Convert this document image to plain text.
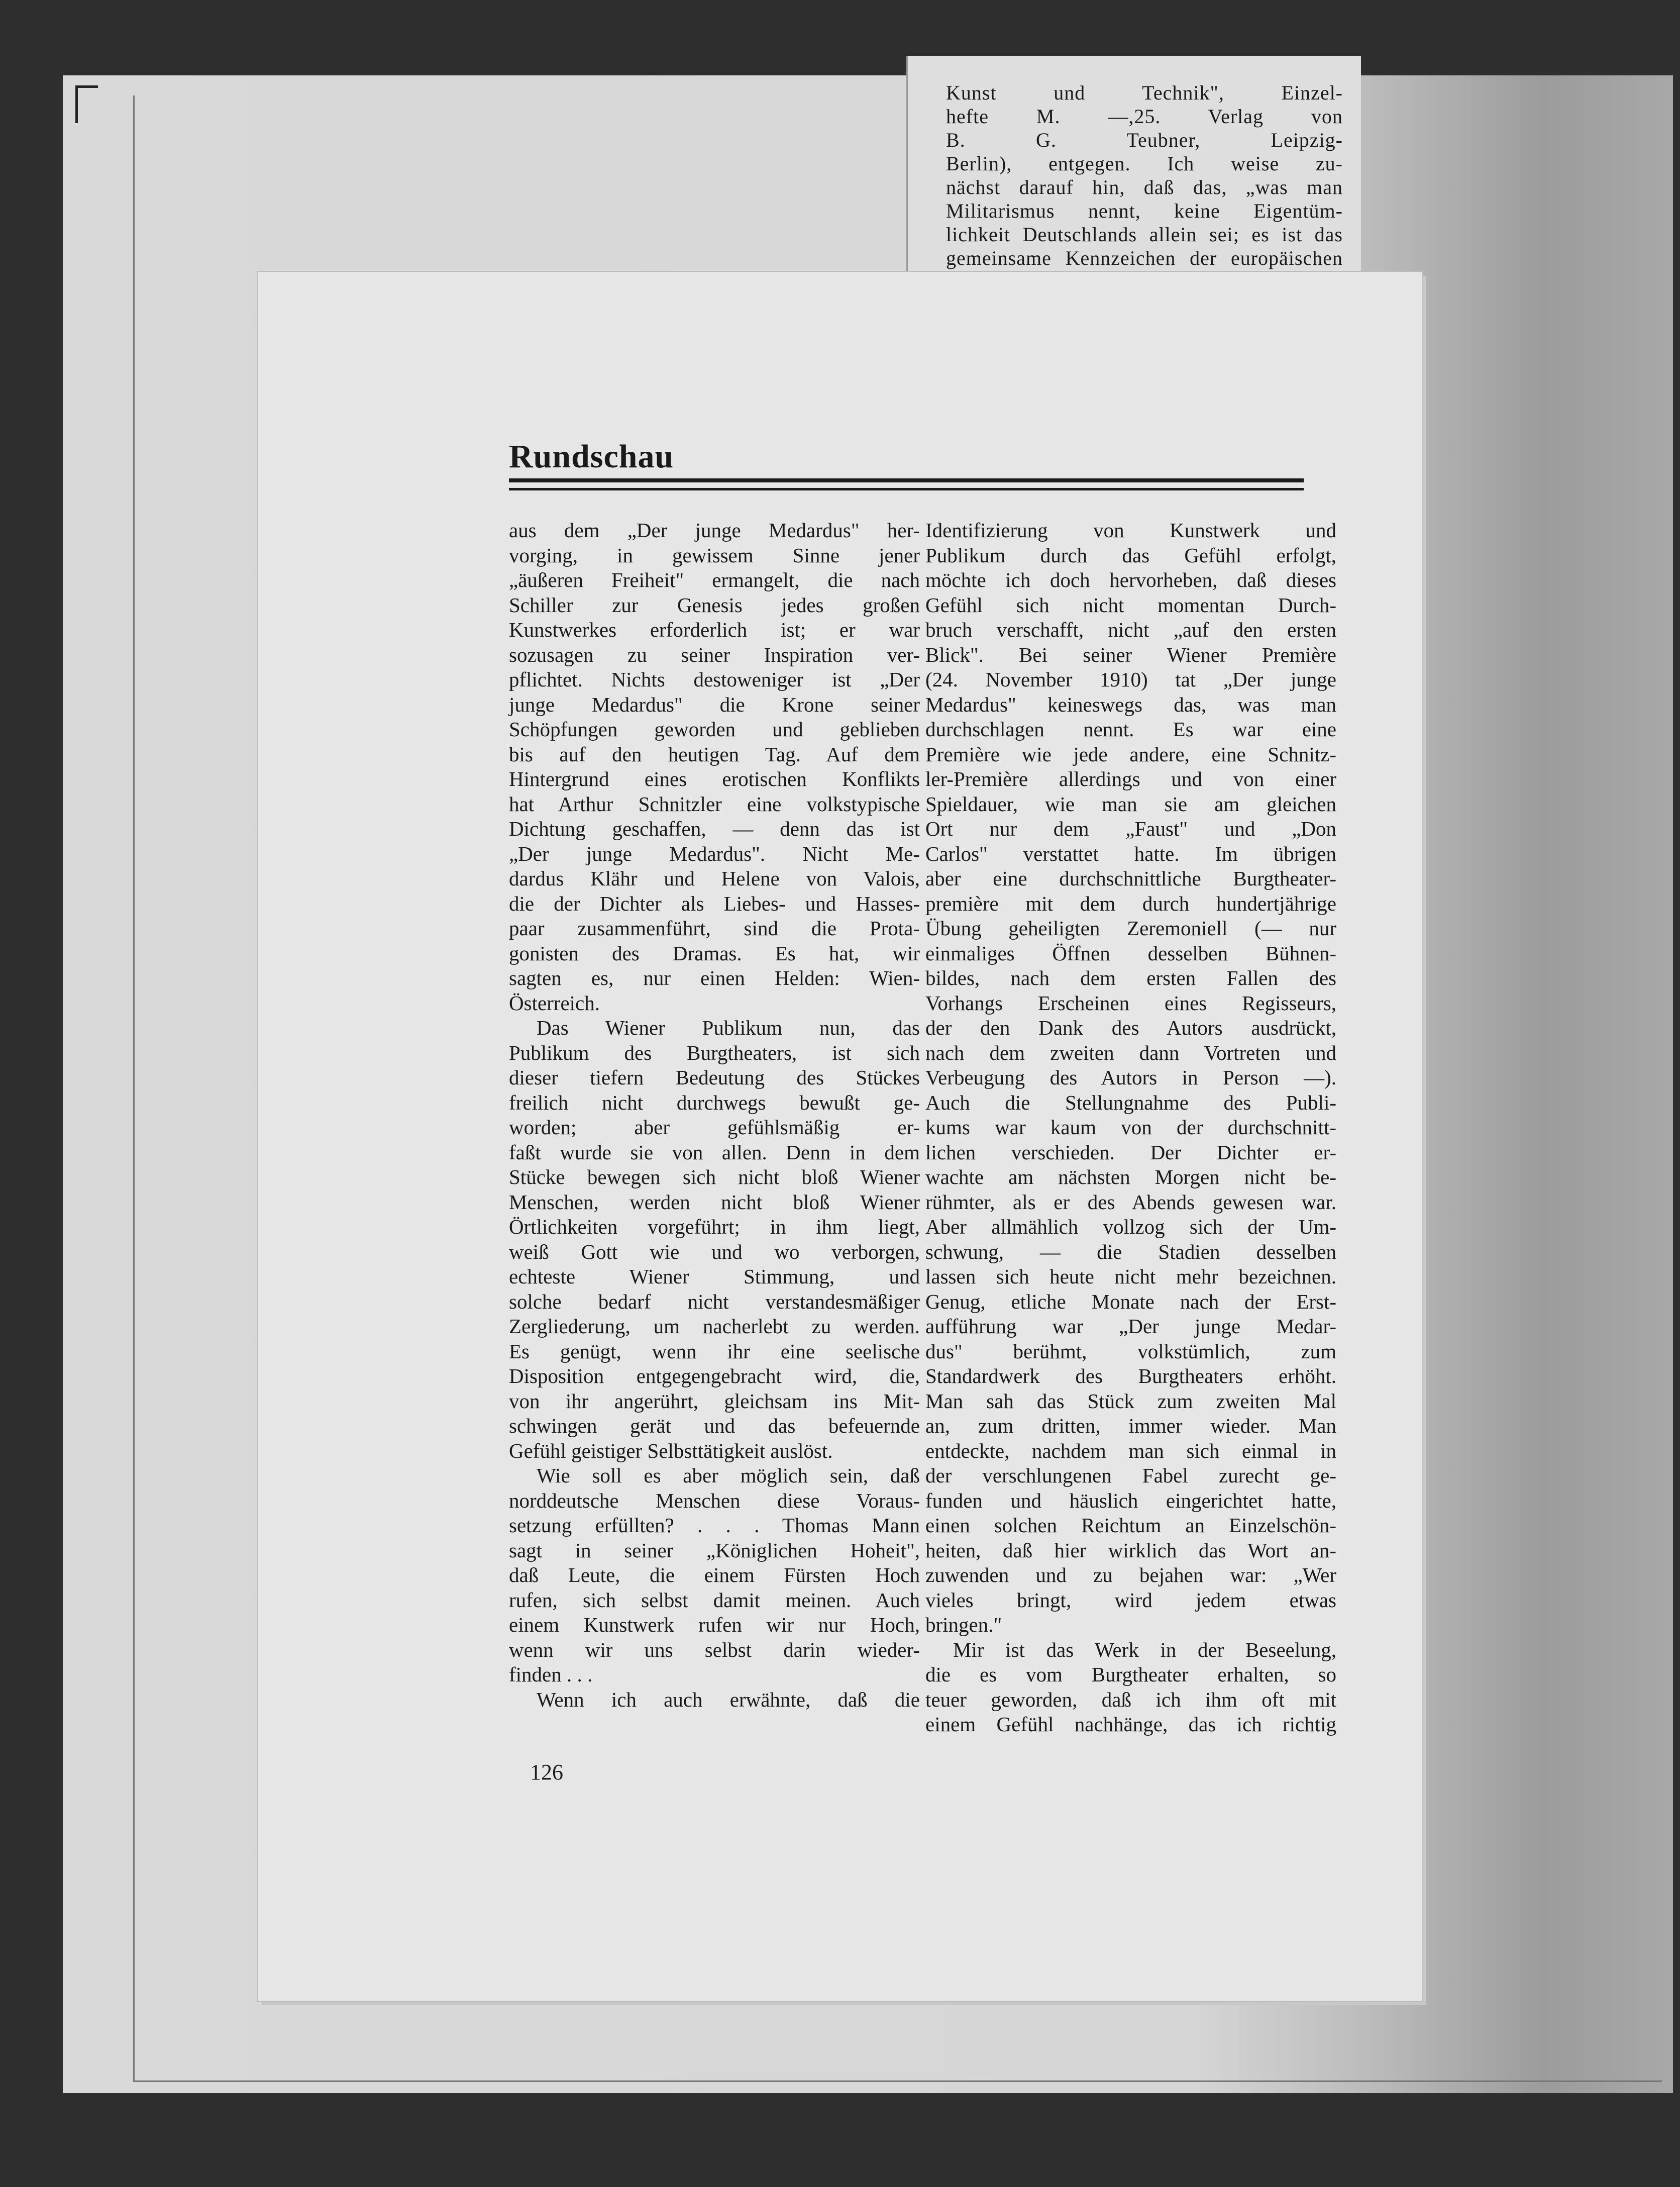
Kunst und Technik", Einzel-
hefte M. —,25. Verlag von
B. G. Teubner, Leipzig-
Berlin), entgegen. Ich weise zu-
nächst darauf hin, daß das, „was man
Militarismus nennt, keine Eigentüm-
lichkeit Deutschlands allein sei; es ist das
gemeinsame Kennzeichen der europäischen
Rundschau
aus dem „Der junge Medardus" her-
vorging, in gewissem Sinne jener
„äußeren Freiheit" ermangelt, die nach
Schiller zur Genesis jedes großen
Kunstwerkes erforderlich ist; er war
sozusagen zu seiner Inspiration ver-
pflichtet. Nichts destoweniger ist „Der
junge Medardus" die Krone seiner
Schöpfungen geworden und geblieben
bis auf den heutigen Tag. Auf dem
Hintergrund eines erotischen Konflikts
hat Arthur Schnitzler eine volkstypische
Dichtung geschaffen, — denn das ist
„Der junge Medardus". Nicht Me-
dardus Klähr und Helene von Valois,
die der Dichter als Liebes- und Hasses-
paar zusammenführt, sind die Prota-
gonisten des Dramas. Es hat, wir
sagten es, nur einen Helden: Wien-
Österreich.
Das Wiener Publikum nun, das
Publikum des Burgtheaters, ist sich
dieser tiefern Bedeutung des Stückes
freilich nicht durchwegs bewußt ge-
worden; aber gefühlsmäßig er-
faßt wurde sie von allen. Denn in dem
Stücke bewegen sich nicht bloß Wiener
Menschen, werden nicht bloß Wiener
Örtlichkeiten vorgeführt; in ihm liegt,
weiß Gott wie und wo verborgen,
echteste Wiener Stimmung, und
solche bedarf nicht verstandesmäßiger
Zergliederung, um nacherlebt zu werden.
Es genügt, wenn ihr eine seelische
Disposition entgegengebracht wird, die,
von ihr angerührt, gleichsam ins Mit-
schwingen gerät und das befeuernde
Gefühl geistiger Selbsttätigkeit auslöst.
Wie soll es aber möglich sein, daß
norddeutsche Menschen diese Voraus-
setzung erfüllten? . . . Thomas Mann
sagt in seiner „Königlichen Hoheit",
daß Leute, die einem Fürsten Hoch
rufen, sich selbst damit meinen. Auch
einem Kunstwerk rufen wir nur Hoch,
wenn wir uns selbst darin wieder-
finden . . .
Wenn ich auch erwähnte, daß die
Identifizierung von Kunstwerk und
Publikum durch das Gefühl erfolgt,
möchte ich doch hervorheben, daß dieses
Gefühl sich nicht momentan Durch-
bruch verschafft, nicht „auf den ersten
Blick". Bei seiner Wiener Première
(24. November 1910) tat „Der junge
Medardus" keineswegs das, was man
durchschlagen nennt. Es war eine
Première wie jede andere, eine Schnitz-
ler-Première allerdings und von einer
Spieldauer, wie man sie am gleichen
Ort nur dem „Faust" und „Don
Carlos" verstattet hatte. Im übrigen
aber eine durchschnittliche Burgtheater-
première mit dem durch hundertjährige
Übung geheiligten Zeremoniell (— nur
einmaliges Öffnen desselben Bühnen-
bildes, nach dem ersten Fallen des
Vorhangs Erscheinen eines Regisseurs,
der den Dank des Autors ausdrückt,
nach dem zweiten dann Vortreten und
Verbeugung des Autors in Person —).
Auch die Stellungnahme des Publi-
kums war kaum von der durchschnitt-
lichen verschieden. Der Dichter er-
wachte am nächsten Morgen nicht be-
rühmter, als er des Abends gewesen war.
Aber allmählich vollzog sich der Um-
schwung, — die Stadien desselben
lassen sich heute nicht mehr bezeichnen.
Genug, etliche Monate nach der Erst-
aufführung war „Der junge Medar-
dus" berühmt, volkstümlich, zum
Standardwerk des Burgtheaters erhöht.
Man sah das Stück zum zweiten Mal
an, zum dritten, immer wieder. Man
entdeckte, nachdem man sich einmal in
der verschlungenen Fabel zurecht ge-
funden und häuslich eingerichtet hatte,
einen solchen Reichtum an Einzelschön-
heiten, daß hier wirklich das Wort an-
zuwenden und zu bejahen war: „Wer
vieles bringt, wird jedem etwas
bringen."
Mir ist das Werk in der Beseelung,
die es vom Burgtheater erhalten, so
teuer geworden, daß ich ihm oft mit
einem Gefühl nachhänge, das ich richtig
126
